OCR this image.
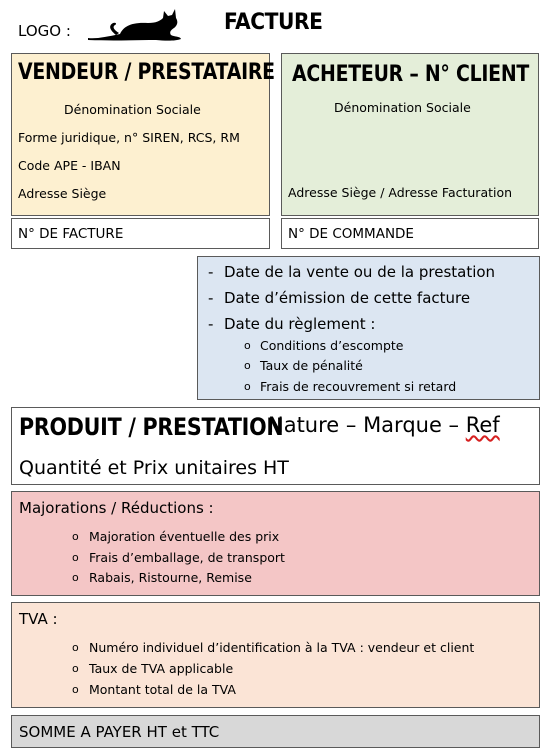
LOGO :	FACTURE
VENDEUR / PRESTATAIRE
Dénomination Sociale
Forme juridique, n° SIREN, RCS, RM
Code APE - IBAN
Adresse Siège
ACHETEUR – N° CLIENT
Dénomination Sociale
Adresse Siège / Adresse Facturation
N° DE FACTURE	N° DE COMMANDE
- Date de la vente ou de la prestation
- Date d’émission de cette facture
- Date du règlement :
o Conditions d’escompte
o Taux de pénalité
o Frais de recouvrement si retard
PRODUIT / PRESTATION
Nature – Marque – Ref
Quantité et Prix unitaires HT
Majorations / Réductions :
o Majoration éventuelle des prix
o Frais d’emballage, de transport
o Rabais, Ristourne, Remise
TVA :
o Numéro individuel d’identification à la TVA : vendeur et client
o Taux de TVA applicable
o Montant total de la TVA
SOMME A PAYER HT et TTC
